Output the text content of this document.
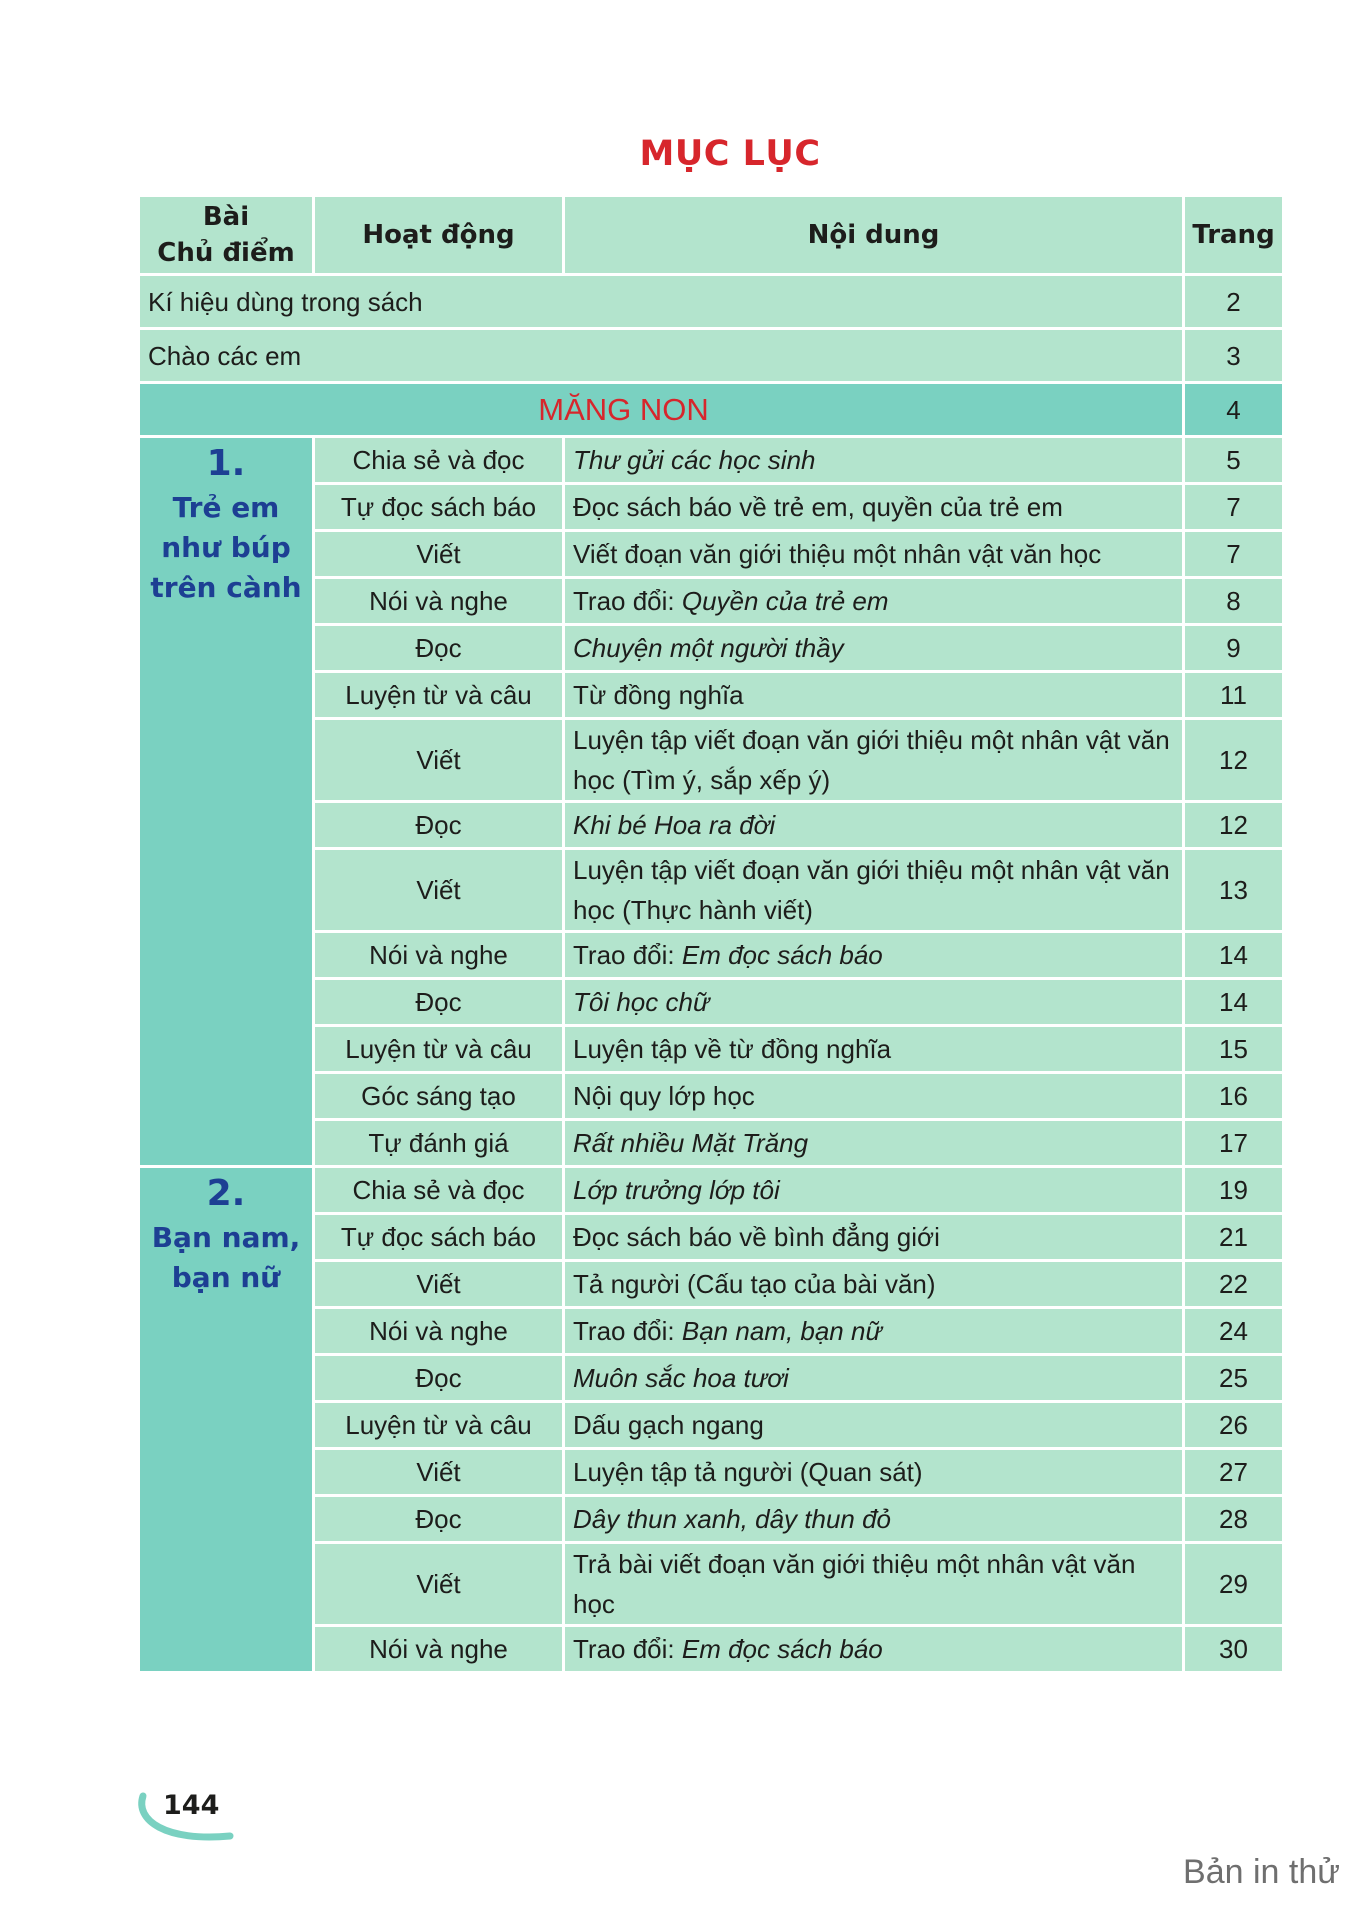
MỤC LỤC
Bài
Chủ điểm	Hoạt động	Nội dung	Trang
Kí hiệu dùng trong sách			2
Chào các em			3
MĂNG NON			4

1.
Trẻ em
như búp
trên cành	Chia sẻ và đọc	Thư gửi các học sinh	5
	Tự đọc sách báo	Đọc sách báo về trẻ em, quyền của trẻ em	7
	Viết	Viết đoạn văn giới thiệu một nhân vật văn học	7
	Nói và nghe	Trao đổi: Quyền của trẻ em	8
	Đọc	Chuyện một người thầy	9
	Luyện từ và câu	Từ đồng nghĩa	11
	Viết	Luyện tập viết đoạn văn giới thiệu một nhân vật văn học (Tìm ý, sắp xếp ý)	12
	Đọc	Khi bé Hoa ra đời	12
	Viết	Luyện tập viết đoạn văn giới thiệu một nhân vật văn học (Thực hành viết)	13
	Nói và nghe	Trao đổi: Em đọc sách báo	14
	Đọc	Tôi học chữ	14
	Luyện từ và câu	Luyện tập về từ đồng nghĩa	15
	Góc sáng tạo	Nội quy lớp học	16
	Tự đánh giá	Rất nhiều Mặt Trăng	17

2.
Bạn nam,
bạn nữ	Chia sẻ và đọc	Lớp trưởng lớp tôi	19
	Tự đọc sách báo	Đọc sách báo về bình đẳng giới	21
	Viết	Tả người (Cấu tạo của bài văn)	22
	Nói và nghe	Trao đổi: Bạn nam, bạn nữ	24
	Đọc	Muôn sắc hoa tươi	25
	Luyện từ và câu	Dấu gạch ngang	26
	Viết	Luyện tập tả người (Quan sát)	27
	Đọc	Dây thun xanh, dây thun đỏ	28
	Viết	Trả bài viết đoạn văn giới thiệu một nhân vật văn học	29
	Nói và nghe	Trao đổi: Em đọc sách báo	30
144
Bản in thử
